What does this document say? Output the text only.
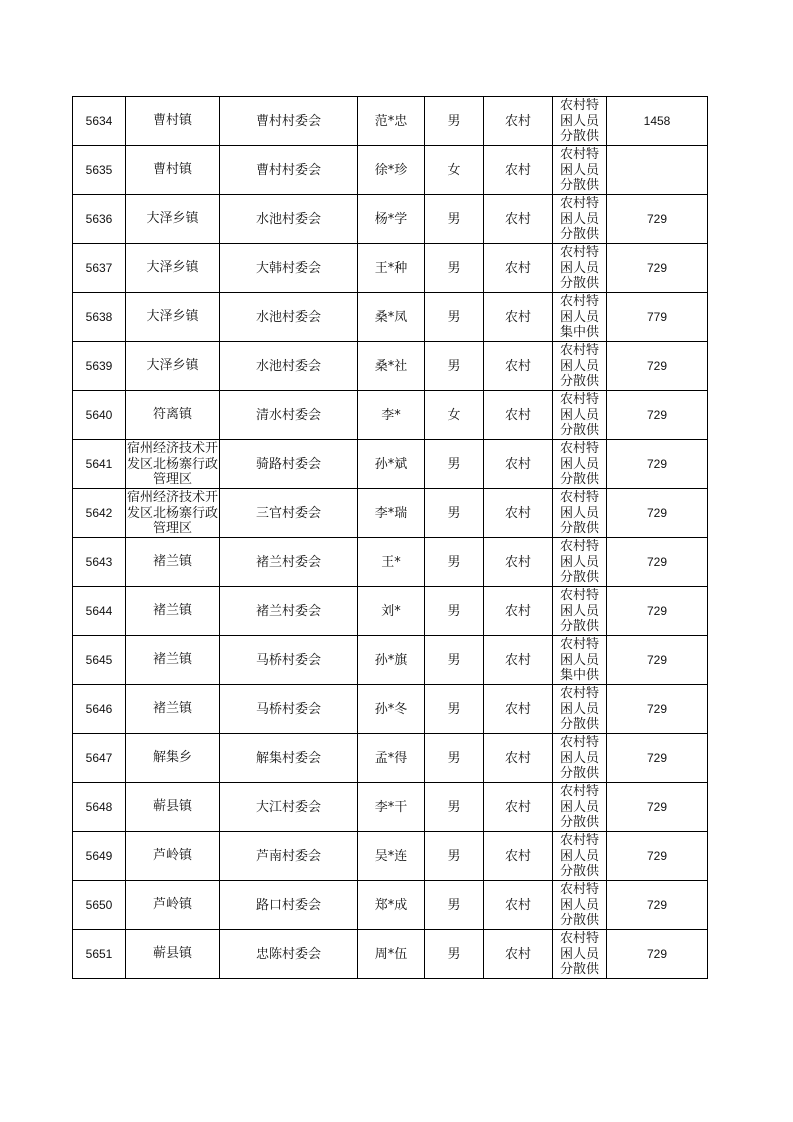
5634	曹村镇	曹村村委会	范*忠	男	农村	农村特困人员分散供	1458
5635	曹村镇	曹村村委会	徐*珍	女	农村	农村特困人员分散供	

5636	大泽乡镇	水池村委会	杨*学	男	农村	农村特困人员分散供	729
5637	大泽乡镇	大韩村委会	王*种	男	农村	农村特困人员分散供	729
5638	大泽乡镇	水池村委会	桑*凤	男	农村	农村特困人员集中供	779
5639	大泽乡镇	水池村委会	桑*社	男	农村	农村特困人员分散供	729
5640	符离镇	清水村委会	李*	女	农村	农村特困人员分散供	729
5641	宿州经济技术开发区北杨寨行政管理区	骑路村委会	孙*斌	男	农村	农村特困人员分散供	729
5642	宿州经济技术开发区北杨寨行政管理区	三官村委会	李*瑞	男	农村	农村特困人员分散供	729
5643	褚兰镇	褚兰村委会	王*	男	农村	农村特困人员分散供	729
5644	褚兰镇	褚兰村委会	刘*	男	农村	农村特困人员分散供	729
5645	褚兰镇	马桥村委会	孙*旗	男	农村	农村特困人员集中供	729
5646	褚兰镇	马桥村委会	孙*冬	男	农村	农村特困人员分散供	729
5647	解集乡	解集村委会	孟*得	男	农村	农村特困人员分散供	729
5648	蕲县镇	大江村委会	李*干	男	农村	农村特困人员分散供	729
5649	芦岭镇	芦南村委会	吴*连	男	农村	农村特困人员分散供	729
5650	芦岭镇	路口村委会	郑*成	男	农村	农村特困人员分散供	729
5651	蕲县镇	忠陈村委会	周*伍	男	农村	农村特困人员分散供	729
